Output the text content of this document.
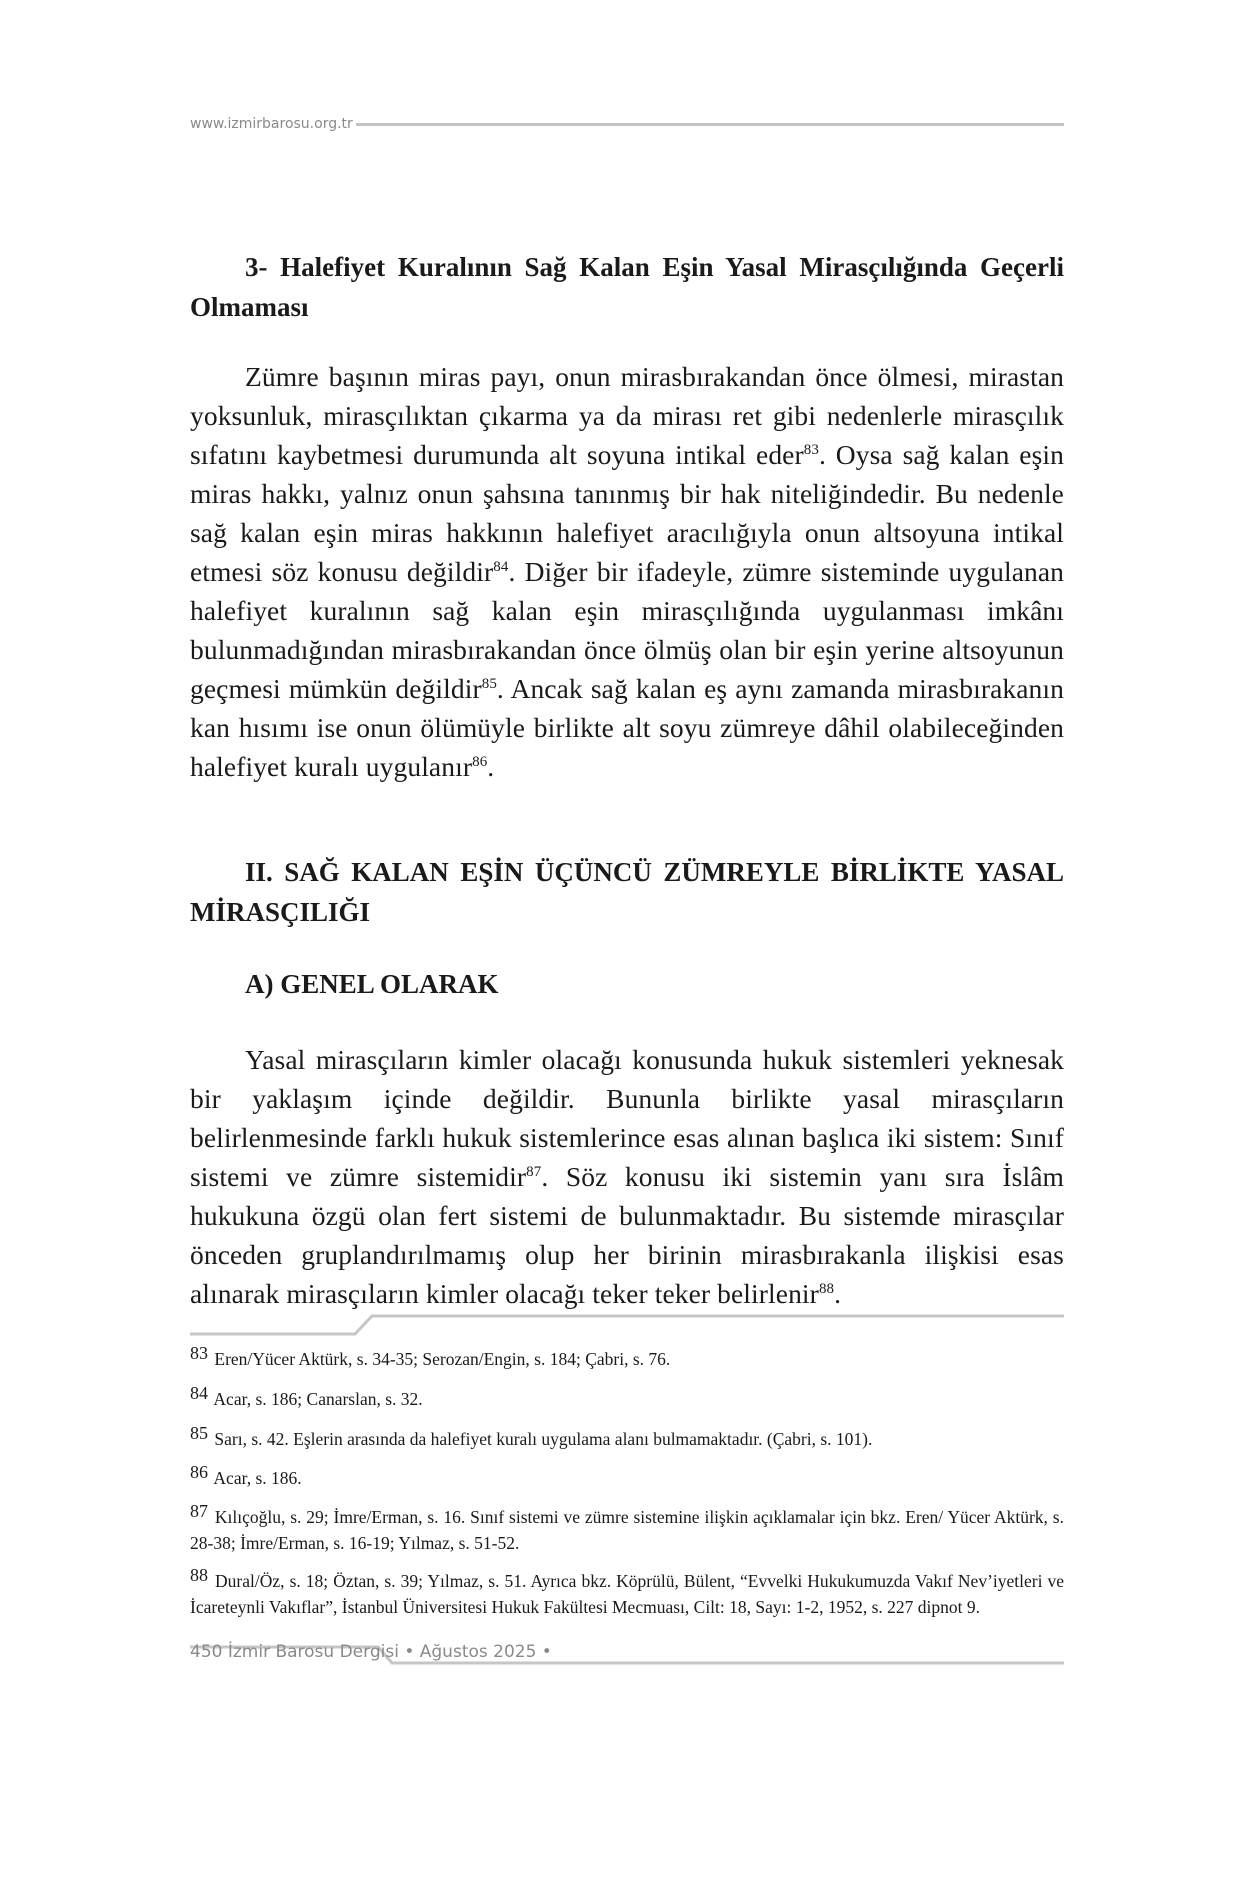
www.izmirbarosu.org.tr
3- Halefiyet Kuralının Sağ Kalan Eşin Yasal Mirasçılığında Geçerli Olmaması
Zümre başının miras payı, onun mirasbırakandan önce ölmesi, mirastan yoksunluk, mirasçılıktan çıkarma ya da mirası ret gibi nedenlerle mirasçılık sıfatını kaybetmesi durumunda alt soyuna intikal eder$^{83}$. Oysa sağ kalan eşin miras hakkı, yalnız onun şahsına tanınmış bir hak niteliğindedir. Bu nedenle sağ kalan eşin miras hakkının halefiyet aracılığıyla onun altsoyuna intikal etmesi söz konusu değildir$^{84}$. Diğer bir ifadeyle, zümre sisteminde uygulanan halefiyet kuralının sağ kalan eşin mirasçılığında uygulanması imkânı bulunmadığından mirasbırakandan önce ölmüş olan bir eşin yerine altsoyunun geçmesi mümkün değildir$^{85}$. Ancak sağ kalan eş aynı zamanda mirasbırakanın kan hısımı ise onun ölümüyle birlikte alt soyu zümreye dâhil olabileceğinden halefiyet kuralı uygulanır$^{86}$.
II. SAĞ KALAN EŞİN ÜÇÜNCÜ ZÜMREYLE BİRLİKTE YASAL MİRASÇILIĞI
A) GENEL OLARAK
Yasal mirasçıların kimler olacağı konusunda hukuk sistemleri yeknesak bir yaklaşım içinde değildir. Bununla birlikte yasal mirasçıların belirlenmesinde farklı hukuk sistemlerince esas alınan başlıca iki sistem: Sınıf sistemi ve zümre sistemidir$^{87}$. Söz konusu iki sistemin yanı sıra İslâm hukukuna özgü olan fert sistemi de bulunmaktadır. Bu sistemde mirasçılar önceden gruplandırılmamış olup her birinin mirasbırakanla ilişkisi esas alınarak mirasçıların kimler olacağı teker teker belirlenir$^{88}$.
83 Eren/Yücer Aktürk, s. 34-35; Serozan/Engin, s. 184; Çabri, s. 76.
84 Acar, s. 186; Canarslan, s. 32.
85 Sarı, s. 42. Eşlerin arasında da halefiyet kuralı uygulama alanı bulmamaktadır. (Çabri, s. 101).
86 Acar, s. 186.
87 Kılıçoğlu, s. 29; İmre/Erman, s. 16. Sınıf sistemi ve zümre sistemine ilişkin açıklamalar için bkz. Eren/ Yücer Aktürk, s. 28-38; İmre/Erman, s. 16-19; Yılmaz, s. 51-52.
88 Dural/Öz, s. 18; Öztan, s. 39; Yılmaz, s. 51. Ayrıca bkz. Köprülü, Bülent, “Evvelki Hukukumuzda Vakıf Nev’iyetleri ve İcareteynli Vakıflar”, İstanbul Üniversitesi Hukuk Fakültesi Mecmuası, Cilt: 18, Sayı: 1-2, 1952, s. 227 dipnot 9.
450 İzmir Barosu Dergisi • Ağustos 2025 •
